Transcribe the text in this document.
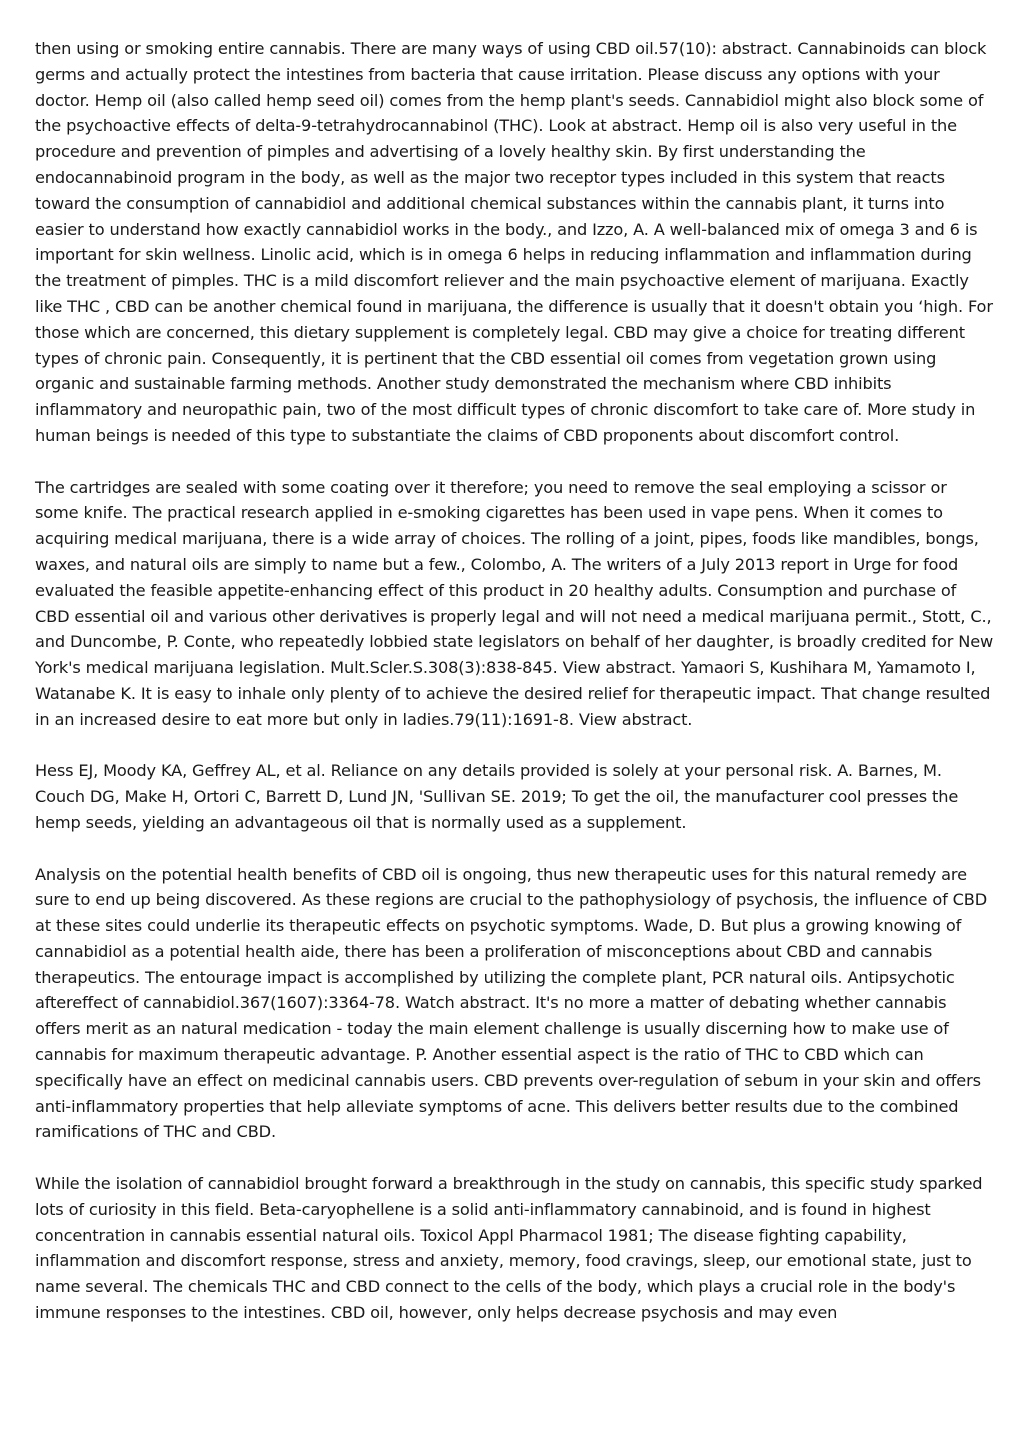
then using or smoking entire cannabis. There are many ways of using CBD oil.57(10): abstract. Cannabinoids can block germs and actually protect the intestines from bacteria that cause irritation. Please discuss any options with your doctor. Hemp oil (also called hemp seed oil) comes from the hemp plant's seeds. Cannabidiol might also block some of the psychoactive effects of delta-9-tetrahydrocannabinol (THC). Look at abstract. Hemp oil is also very useful in the procedure and prevention of pimples and advertising of a lovely healthy skin. By first understanding the endocannabinoid program in the body, as well as the major two receptor types included in this system that reacts toward the consumption of cannabidiol and additional chemical substances within the cannabis plant, it turns into easier to understand how exactly cannabidiol works in the body., and Izzo, A. A well-balanced mix of omega 3 and 6 is important for skin wellness. Linolic acid, which is in omega 6 helps in reducing inflammation and inflammation during the treatment of pimples. THC is a mild discomfort reliever and the main psychoactive element of marijuana. Exactly like THC , CBD can be another chemical found in marijuana, the difference is usually that it doesn't obtain you ‘high. For those which are concerned, this dietary supplement is completely legal. CBD may give a choice for treating different types of chronic pain. Consequently, it is pertinent that the CBD essential oil comes from vegetation grown using organic and sustainable farming methods. Another study demonstrated the mechanism where CBD inhibits inflammatory and neuropathic pain, two of the most difficult types of chronic discomfort to take care of. More study in human beings is needed of this type to substantiate the claims of CBD proponents about discomfort control.

The cartridges are sealed with some coating over it therefore; you need to remove the seal employing a scissor or some knife. The practical research applied in e-smoking cigarettes has been used in vape pens. When it comes to acquiring medical marijuana, there is a wide array of choices. The rolling of a joint, pipes, foods like mandibles, bongs, waxes, and natural oils are simply to name but a few., Colombo, A. The writers of a July 2013 report in Urge for food evaluated the feasible appetite-enhancing effect of this product in 20 healthy adults. Consumption and purchase of CBD essential oil and various other derivatives is properly legal and will not need a medical marijuana permit., Stott, C., and Duncombe, P. Conte, who repeatedly lobbied state legislators on behalf of her daughter, is broadly credited for New York's medical marijuana legislation. Mult.Scler.S.308(3):838-845. View abstract. Yamaori S, Kushihara M, Yamamoto I, Watanabe K. It is easy to inhale only plenty of to achieve the desired relief for therapeutic impact. That change resulted in an increased desire to eat more but only in ladies.79(11):1691-8. View abstract.

Hess EJ, Moody KA, Geffrey AL, et al. Reliance on any details provided is solely at your personal risk. A. Barnes, M. Couch DG, Make H, Ortori C, Barrett D, Lund JN, 'Sullivan SE. 2019; To get the oil, the manufacturer cool presses the hemp seeds, yielding an advantageous oil that is normally used as a supplement.

Analysis on the potential health benefits of CBD oil is ongoing, thus new therapeutic uses for this natural remedy are sure to end up being discovered. As these regions are crucial to the pathophysiology of psychosis, the influence of CBD at these sites could underlie its therapeutic effects on psychotic symptoms. Wade, D. But plus a growing knowing of cannabidiol as a potential health aide, there has been a proliferation of misconceptions about CBD and cannabis therapeutics. The entourage impact is accomplished by utilizing the complete plant, PCR natural oils. Antipsychotic aftereffect of cannabidiol.367(1607):3364-78. Watch abstract. It's no more a matter of debating whether cannabis offers merit as an natural medication - today the main element challenge is usually discerning how to make use of cannabis for maximum therapeutic advantage. P. Another essential aspect is the ratio of THC to CBD which can specifically have an effect on medicinal cannabis users. CBD prevents over-regulation of sebum in your skin and offers anti-inflammatory properties that help alleviate symptoms of acne. This delivers better results due to the combined ramifications of THC and CBD.

While the isolation of cannabidiol brought forward a breakthrough in the study on cannabis, this specific study sparked lots of curiosity in this field. Beta-caryophellene is a solid anti-inflammatory cannabinoid, and is found in highest concentration in cannabis essential natural oils. Toxicol Appl Pharmacol 1981; The disease fighting capability, inflammation and discomfort response, stress and anxiety, memory, food cravings, sleep, our emotional state, just to name several. The chemicals THC and CBD connect to the cells of the body, which plays a crucial role in the body's immune responses to the intestines. CBD oil, however, only helps decrease psychosis and may even
